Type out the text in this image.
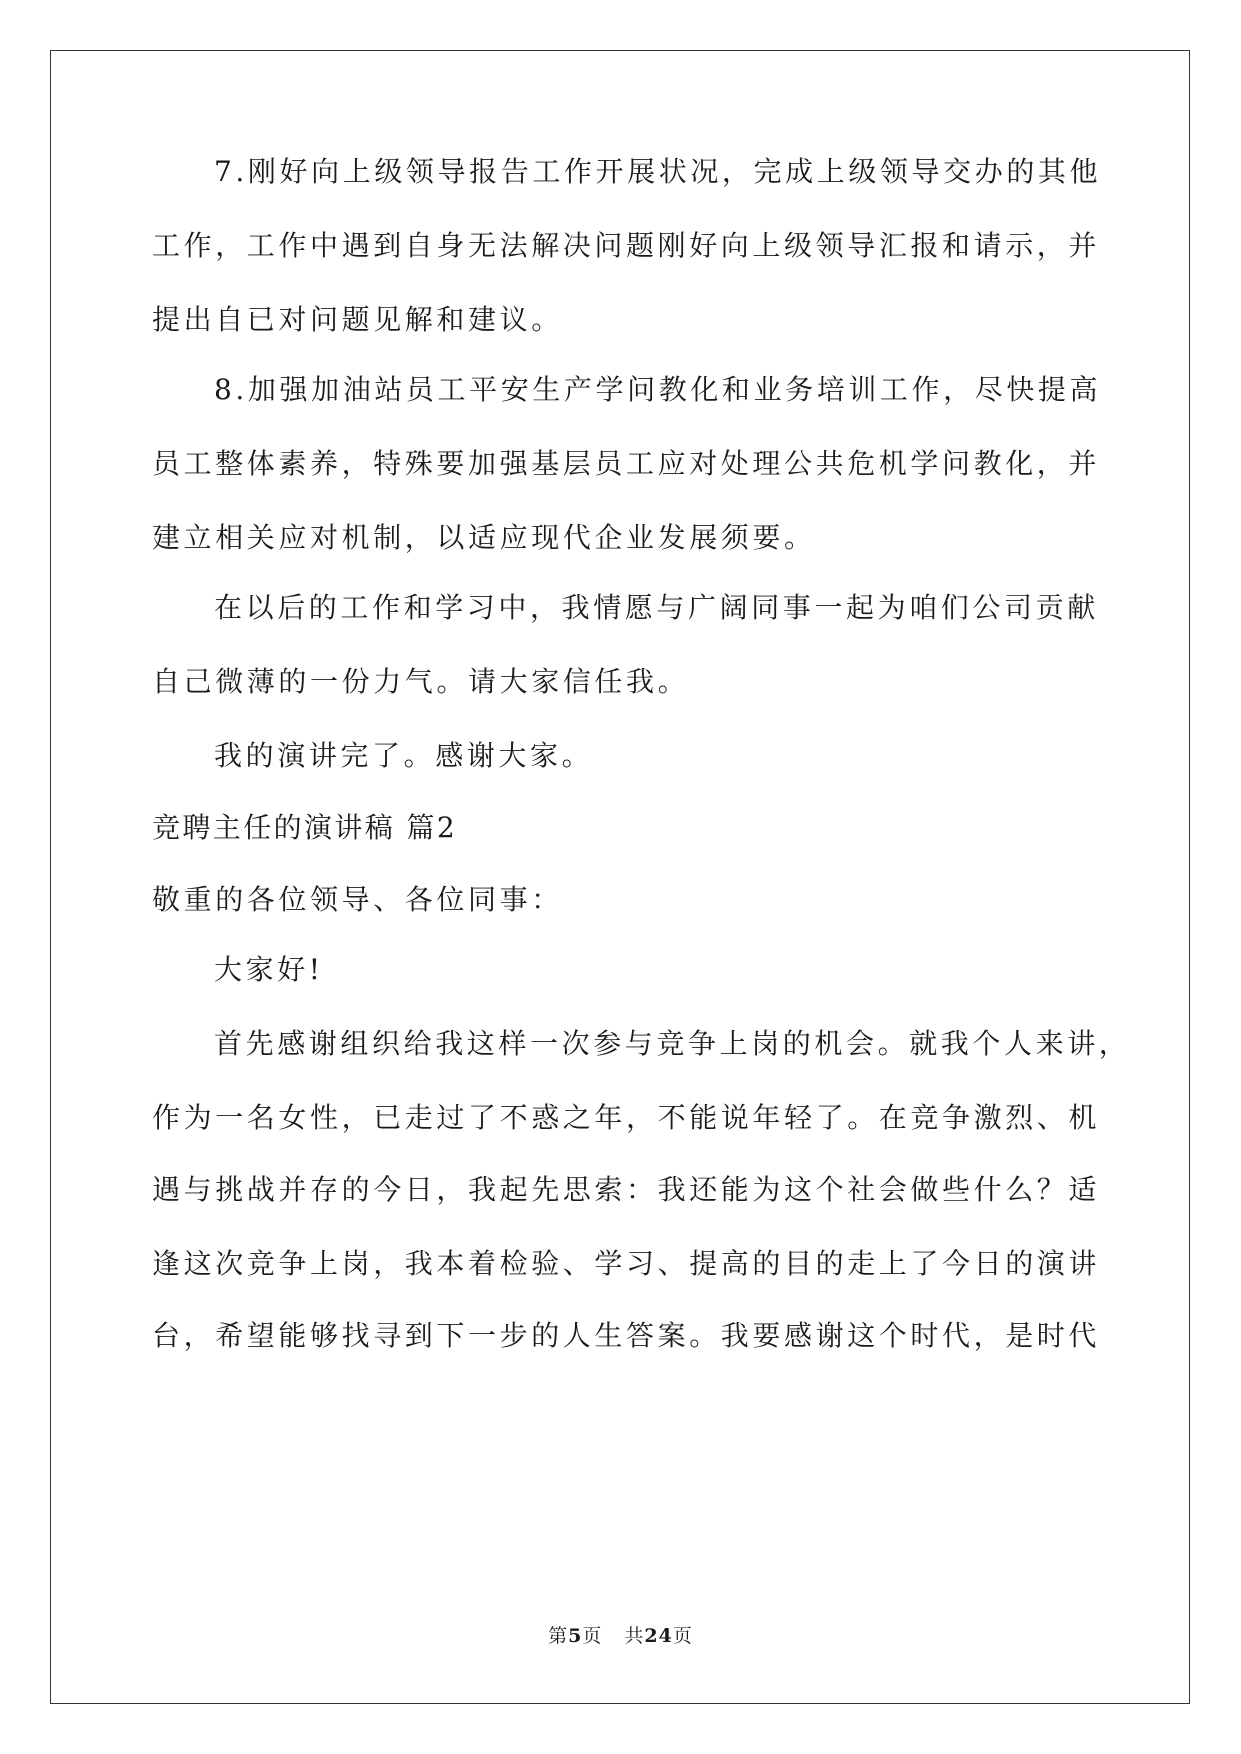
7.刚好向上级领导报告工作开展状况，完成上级领导交办的其他
工作，工作中遇到自身无法解决问题刚好向上级领导汇报和请示，并
提出自已对问题见解和建议。
8.加强加油站员工平安生产学问教化和业务培训工作，尽快提高
员工整体素养，特殊要加强基层员工应对处理公共危机学问教化，并
建立相关应对机制，以适应现代企业发展须要。
在以后的工作和学习中，我情愿与广阔同事一起为咱们公司贡献
自己微薄的一份力气。请大家信任我。
我的演讲完了。感谢大家。
竞聘主任的演讲稿 篇2
敬重的各位领导、各位同事：
大家好!
首先感谢组织给我这样一次参与竞争上岗的机会。就我个人来讲，
作为一名女性，已走过了不惑之年，不能说年轻了。在竞争激烈、机
遇与挑战并存的今日，我起先思索：我还能为这个社会做些什么？适
逢这次竞争上岗，我本着检验、学习、提高的目的走上了今日的演讲
台，希望能够找寻到下一步的人生答案。我要感谢这个时代，是时代
第5页 共24页
